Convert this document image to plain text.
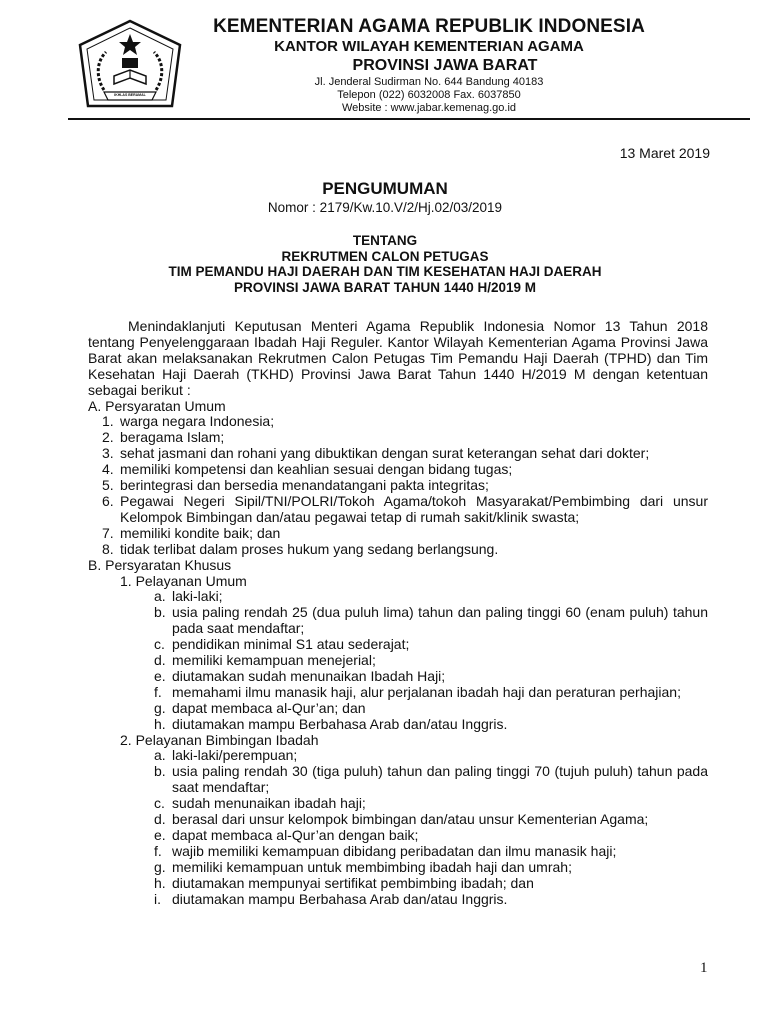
IKHLAS BERAMAL
KEMENTERIAN AGAMA REPUBLIK INDONESIA
KANTOR WILAYAH KEMENTERIAN AGAMA
PROVINSI JAWA BARAT
Jl. Jenderal Sudirman No. 644 Bandung 40183
Telepon (022) 6032008 Fax. 6037850
Website : www.jabar.kemenag.go.id
13 Maret 2019
PENGUMUMAN
Nomor : 2179/Kw.10.V/2/Hj.02/03/2019
TENTANG
REKRUTMEN CALON PETUGAS
TIM PEMANDU HAJI DAERAH DAN TIM KESEHATAN HAJI DAERAH
PROVINSI JAWA BARAT TAHUN 1440 H/2019 M

Menindaklanjuti Keputusan Menteri Agama Republik Indonesia Nomor 13 Tahun 2018 tentang Penyelenggaraan Ibadah Haji Reguler. Kantor Wilayah Kementerian Agama Provinsi Jawa Barat akan melaksanakan Rekrutmen Calon Petugas Tim Pemandu Haji Daerah (TPHD) dan Tim Kesehatan Haji Daerah (TKHD) Provinsi Jawa Barat Tahun 1440 H/2019 M dengan ketentuan sebagai berikut :

A. Persyaratan Umum
1. warga negara Indonesia;
2. beragama Islam;
3. sehat jasmani dan rohani yang dibuktikan dengan surat keterangan sehat dari dokter;
4. memiliki kompetensi dan keahlian sesuai dengan bidang tugas;
5. berintegrasi dan bersedia menandatangani pakta integritas;
6. Pegawai Negeri Sipil/TNI/POLRI/Tokoh Agama/tokoh Masyarakat/Pembimbing dari unsur Kelompok Bimbingan dan/atau pegawai tetap di rumah sakit/klinik swasta;
7. memiliki kondite baik; dan
8. tidak terlibat dalam proses hukum yang sedang berlangsung.
B. Persyaratan Khusus
1. Pelayanan Umum
a. laki-laki;
b. usia paling rendah 25 (dua puluh lima) tahun dan paling tinggi 60 (enam puluh) tahun pada saat mendaftar;
c. pendidikan minimal S1 atau sederajat;
d. memiliki kemampuan menejerial;
e. diutamakan sudah menunaikan Ibadah Haji;
f. memahami ilmu manasik haji, alur perjalanan ibadah haji dan peraturan perhajian;
g. dapat membaca al-Qur’an; dan
h. diutamakan mampu Berbahasa Arab dan/atau Inggris.
2. Pelayanan Bimbingan Ibadah
a. laki-laki/perempuan;
b. usia paling rendah 30 (tiga puluh) tahun dan paling tinggi 70 (tujuh puluh) tahun pada saat mendaftar;
c. sudah menunaikan ibadah haji;
d. berasal dari unsur kelompok bimbingan dan/atau unsur Kementerian Agama;
e. dapat membaca al-Qur’an dengan baik;
f. wajib memiliki kemampuan dibidang peribadatan dan ilmu manasik haji;
g. memiliki kemampuan untuk membimbing ibadah haji dan umrah;
h. diutamakan mempunyai sertifikat pembimbing ibadah; dan
i. diutamakan mampu Berbahasa Arab dan/atau Inggris.
1
